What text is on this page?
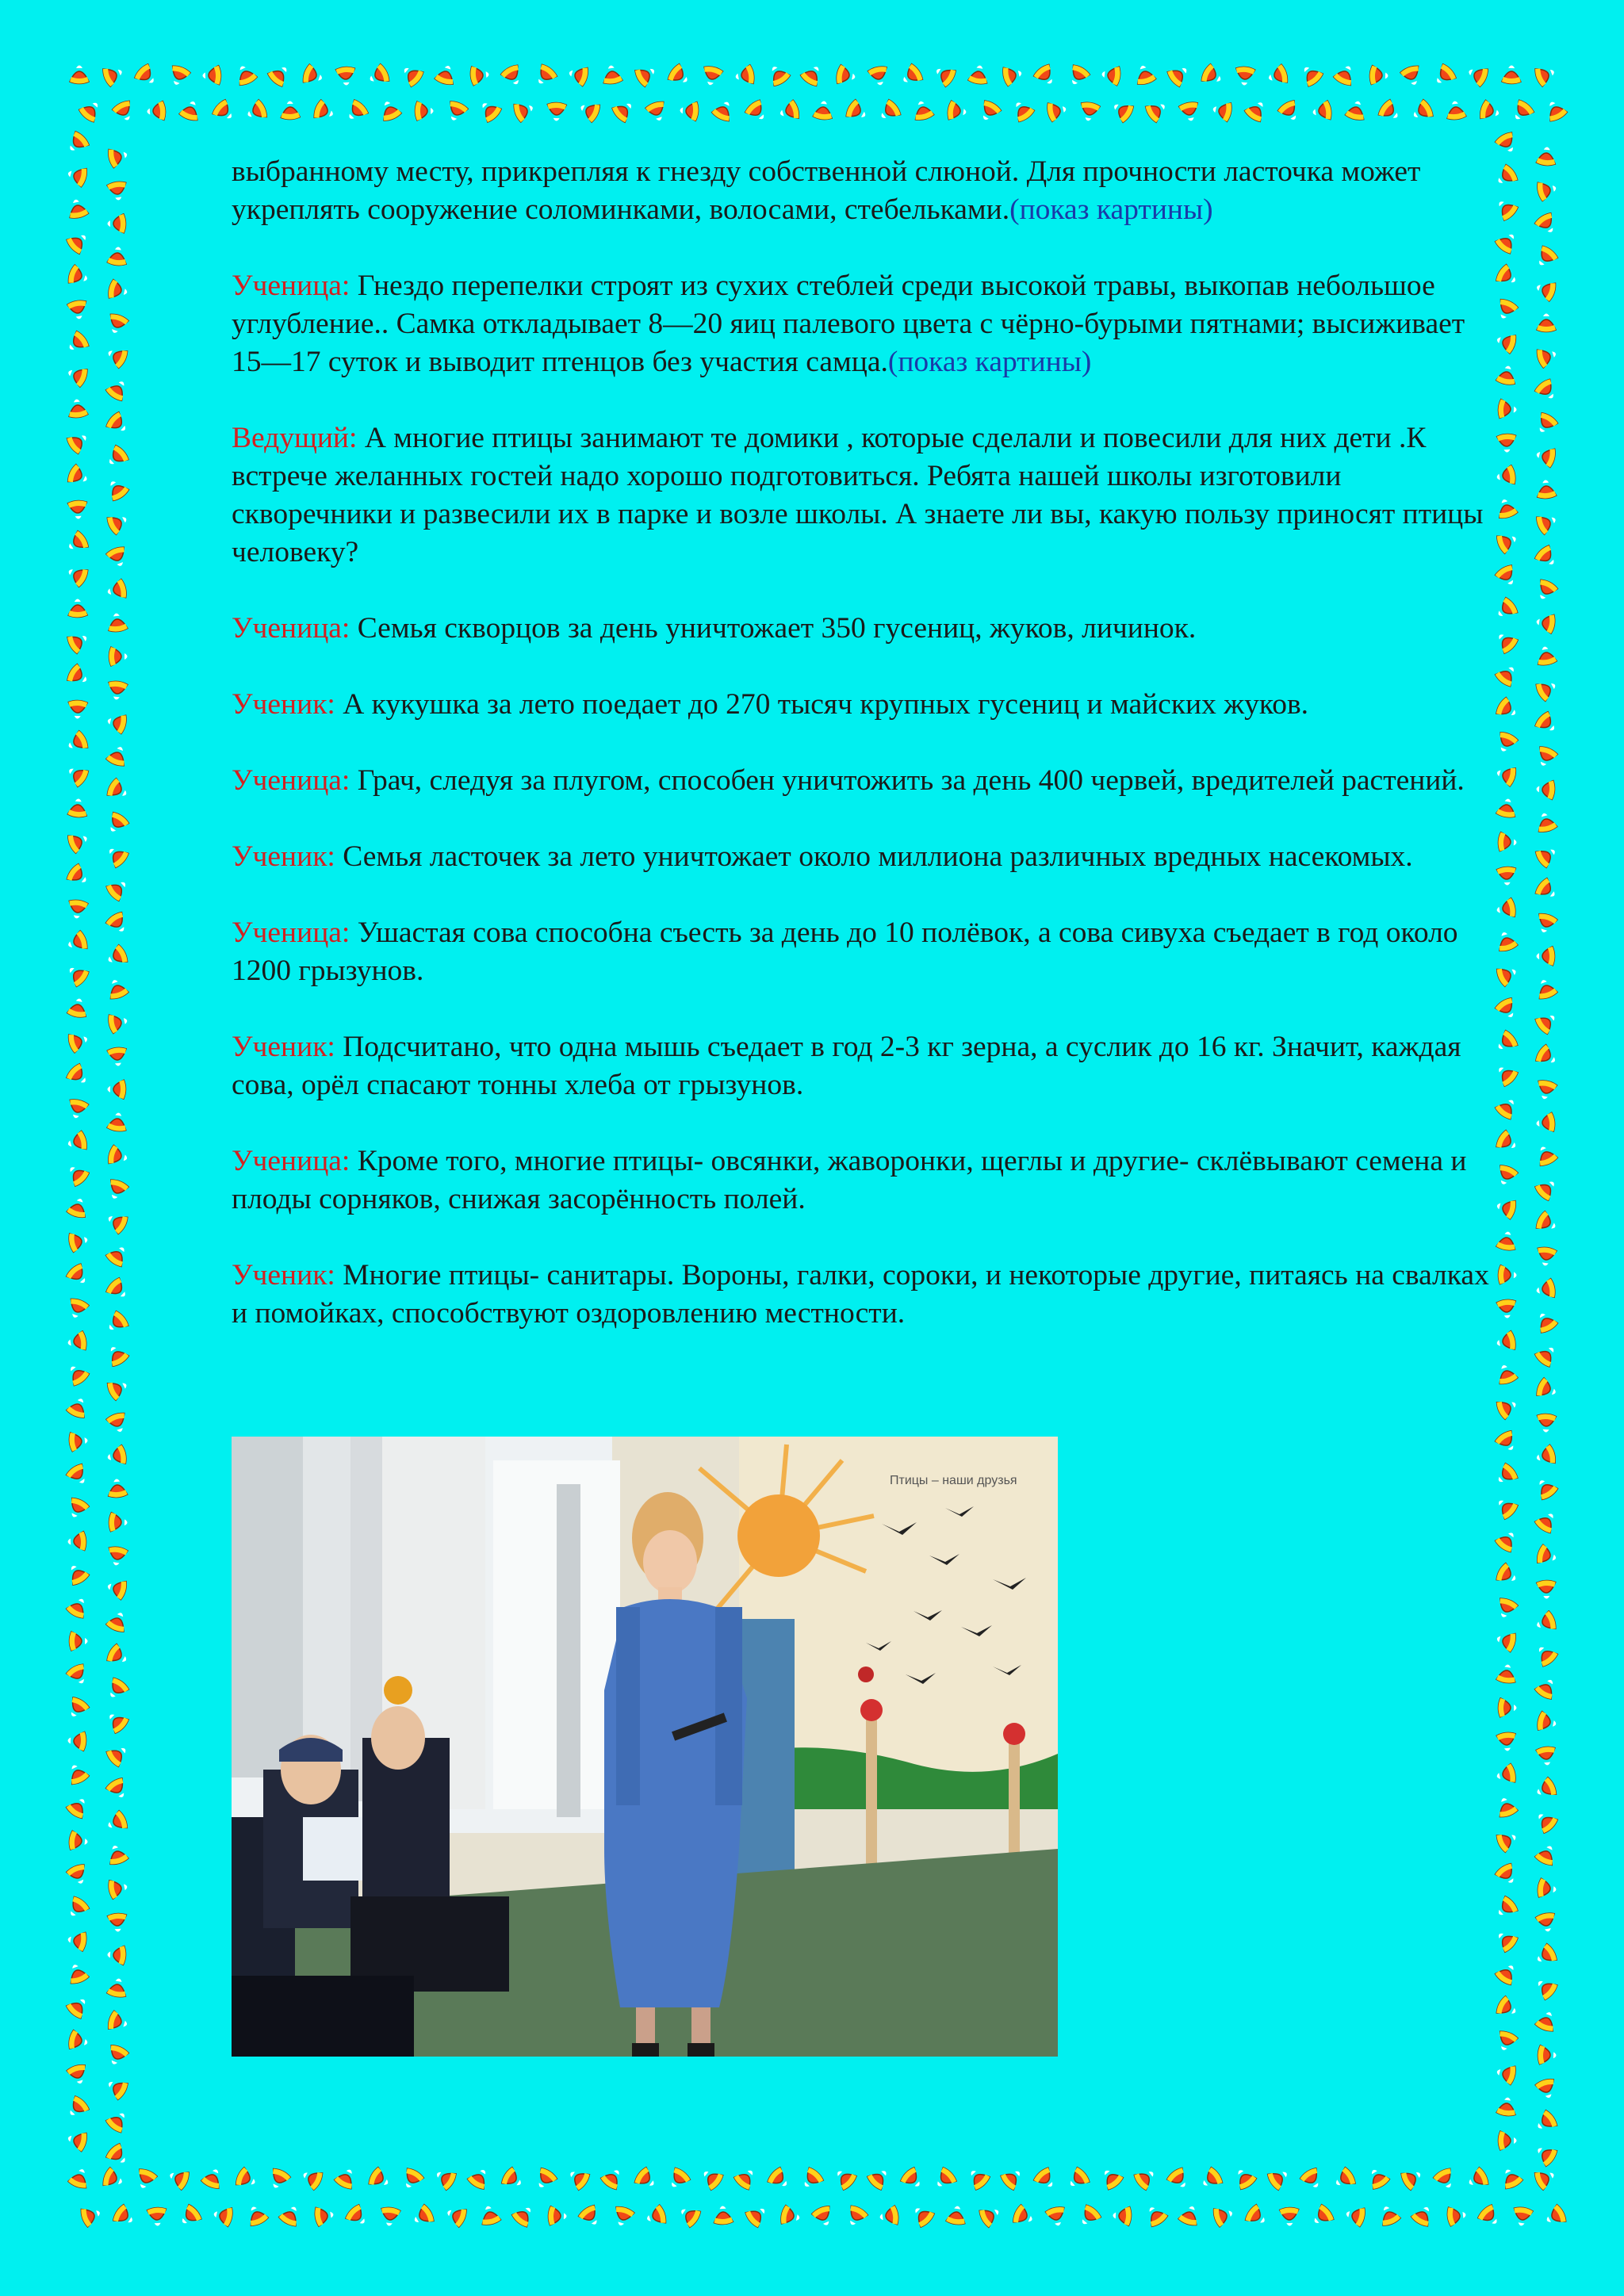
выбранному месту, прикрепляя к гнезду собственной слюной. Для прочности ласточка может укреплять сооружение соломинками, волосами, стебельками.(показ картины)

Ученица: Гнездо перепелки строят из сухих стеблей среди высокой травы, выкопав небольшое углубление.. Самка откладывает 8—20 яиц палевого цвета с чёрно-бурыми пятнами; высиживает 15—17 суток и выводит птенцов без участия самца.(показ картины)

Ведущий: А многие птицы занимают те домики , которые сделали и повесили для них дети .К встрече желанных гостей надо хорошо подготовиться. Ребята нашей школы изготовили скворечники и развесили их в парке и возле школы. А знаете ли вы, какую пользу приносят птицы человеку?

Ученица: Семья скворцов за день уничтожает 350 гусениц, жуков, личинок.

Ученик: А кукушка за лето поедает до 270 тысяч крупных гусениц и майских жуков.

Ученица: Грач, следуя за плугом, способен уничтожить за день 400 червей, вредителей растений.

Ученик: Семья ласточек за лето уничтожает около миллиона различных вредных насекомых.

Ученица: Ушастая сова способна съесть за день до 10 полёвок, а сова сивуха съедает в год около 1200 грызунов.

Ученик: Подсчитано, что одна мышь съедает в год 2-3 кг зерна, а суслик до 16 кг. Значит, каждая сова, орёл спасают тонны хлеба от грызунов.

Ученица: Кроме того, многие птицы- овсянки, жаворонки, щеглы и другие- склёвывают семена и плоды сорняков, снижая засорённость полей.

Ученик: Многие птицы- санитары. Вороны, галки, сороки, и некоторые другие, питаясь на свалках и помойках, способствуют оздоровлению местности.

Птицы – наши друзья
